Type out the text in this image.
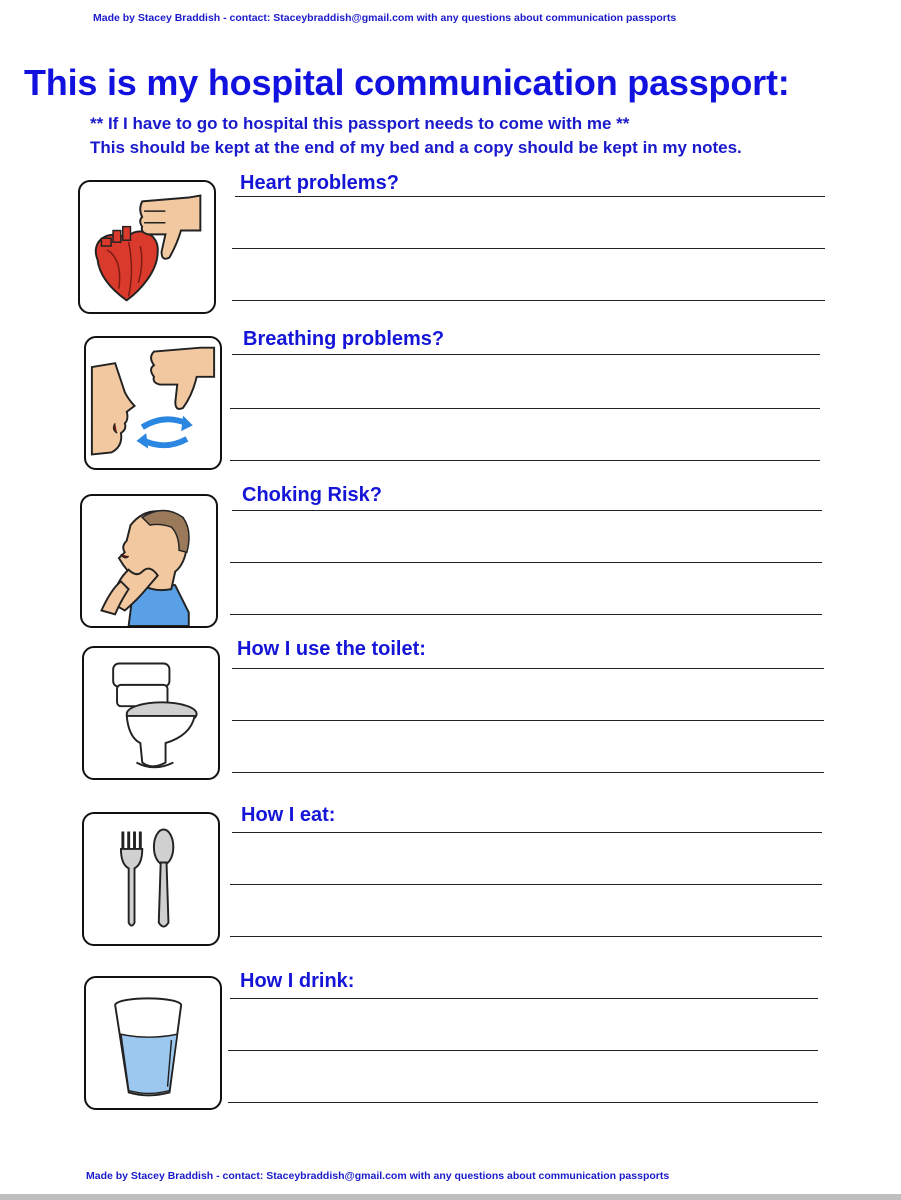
Made by Stacey Braddish - contact: Staceybraddish@gmail.com with any questions about communication passports
This is my hospital communication passport:
** If I have to go to hospital this passport needs to come with me **
This should be kept at the end of my bed and a copy should be kept in my notes.
Heart problems?
Breathing problems?
Choking Risk?
How I use the toilet:
How I eat:
How I drink:
Made by Stacey Braddish - contact: Staceybraddish@gmail.com with any questions about communication passports
